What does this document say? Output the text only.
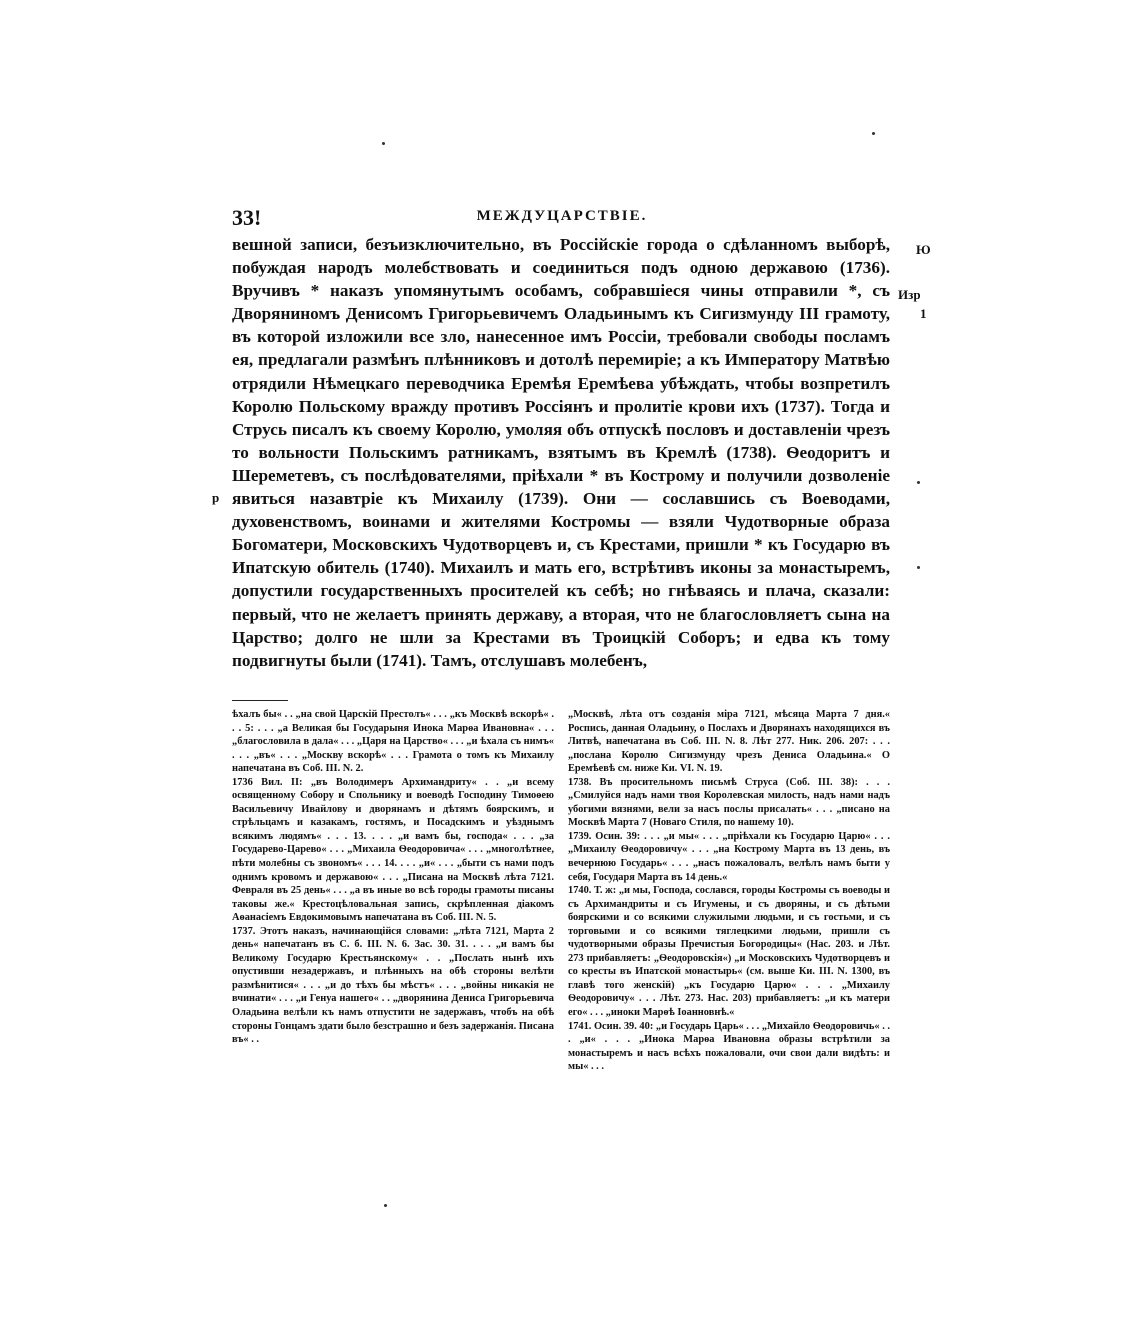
33!	МЕЖДУЦАРСТВІЕ.
вешной записи, безъизключительно, въ Россійскіе города о сдѣланномъ выборѣ, побуждая народъ молебствовать и соединиться подъ одною державою (1736). Вручивъ * наказъ упомянутымъ особамъ, собравшіеся чины отправили *, съ Дворяниномъ Денисомъ Григорьевичемъ Оладьинымъ къ Сигизмунду III грамоту, въ которой изложили все зло, нанесенное имъ Россіи, требовали свободы посламъ ея, предлагали размѣнъ плѣнниковъ и дотолѣ перемиріе; а къ Императору Матвѣю отрядили Нѣмецкаго переводчика Еремѣя Еремѣева убѣждать, чтобы возпретилъ Королю Польскому вражду противъ Россіянъ и пролитіе крови ихъ (1737). Тогда и Струсь писалъ къ своему Королю, умоляя объ отпускѣ пословъ и доставленіи чрезъ то вольности Польскимъ ратникамъ, взятымъ въ Кремлѣ (1738). Ѳеодоритъ и Шереметевъ, съ послѣдователями, пріѣхали * въ Кострому и получили дозволеніе явиться назавтріе къ Михаилу (1739). Они — сославшись съ Воеводами, духовенствомъ, воинами и жителями Костромы — взяли Чудотворные образа Богоматери, Московскихъ Чудотворцевъ и, съ Крестами, пришли * къ Государю въ Ипатскую обитель (1740). Михаилъ и мать его, встрѣтивъ иконы за монастыремъ, допустили государственныхъ просителей къ себѣ; но гнѣваясь и плача, сказали: первый, что не желаетъ принять державу, а вторая, что не благословляетъ сына на Царство; долго не шли за Крестами въ Троицкій Соборъ; и едва къ тому подвигнуты были (1741). Тамъ, отслушавъ молебенъ,
Ю
Изр
1
р

ѣхалъ бы« . . „на свой Царскій Престолъ« . . . „къ Москвѣ вскорѣ« . . . 5: . . . „а Великая бы Государыня Инока Марѳа Ивановна« . . . „благословила в дала« . . . „Царя на Царство« . . . „и ѣхала съ нимъ« . . . „въ« . . . „Москву вскорѣ« . . . Грамота о томъ къ Михаилу напечатана въ Соб. III. N. 2.

1736 Вил. II: „въ Володимеръ Архимандриту« . . „и всему освященному Собору и Спольнику и воеводѣ Господину Тимоѳею Васильевичу Ивайлову и дворянамъ и дѣтямъ боярскимъ, и стрѣльцамъ и казакамъ, гостямъ, и Посадскимъ и уѣзднымъ всякимъ людямъ« . . . 13. . . . „и вамъ бы, господа« . . . „за Государево-Царево« . . . „Михаила Ѳеодоровича« . . . „многолѣтнее, пѣти молебны съ звономъ« . . . 14. . . . „и« . . . „быти съ нами подъ однимъ кровомъ и державою« . . . „Писана на Москвѣ лѣта 7121. Февраля въ 25 день« . . . „а въ иные во всѣ городы грамоты писаны таковы же.« Крестоцѣловальная запись, скрѣпленная діакомъ Аѳанасіемъ Евдокимовымъ напечатана въ Соб. III. N. 5.

1737. Этотъ наказъ, начинающійся словами: „лѣта 7121, Марта 2 день« напечатанъ въ С. б. III. N. 6. Зас. 30. 31. . . . „и вамъ бы Великому Государю Крестьянскому« . . „Послать нынѣ ихъ опустивши незадержавъ, и плѣнныхъ на обѣ стороны велѣти размѣнитися« . . . „и до тѣхъ бы мѣстъ« . . . „войны никакія не вчинати« . . . „и Генуа нашего« . . „дворянина Дениса Григорьевича Оладьина велѣли къ намъ отпустити не задержавъ, чтобъ на обѣ стороны Гонцамъ здати было безстрашно и безъ задержанія. Писана въ« . .

„Москвѣ, лѣта отъ созданія міра 7121, мѣсяца Марта 7 дня.« Роспись, данная Оладьину, о Послахъ и Дворянахъ находящихся въ Литвѣ, напечатана въ Соб. III. N. 8. Лѣт 277. Ник. 206. 207: . . . „послана Королю Сигизмунду чрезъ Дениса Оладьина.« О Еремѣевѣ см. ниже Ки. VI. N. 19.

1738. Въ просительномъ письмѣ Струса (Соб. III. 38): . . . „Смилуйся надъ нами твоя Королевская милость, надъ нами надъ убогими вязнями, вели за насъ послы присалать« . . . „писано на Москвѣ Марта 7 (Новаго Стиля, по нашему 10).

1739. Осин. 39: . . . „и мы« . . . „пріѣхали къ Государю Царю« . . . „Михаилу Ѳеодоровичу« . . . „на Кострому Марта въ 13 день, въ вечернюю Государь« . . . „насъ пожаловалъ, велѣлъ намъ быти у себя, Государя Марта въ 14 день.«

1740. Т. ж: „и мы, Господа, сослався, городы Костромы съ воеводы и съ Архимандриты и съ Игумены, и съ дворяны, и съ дѣтьми боярскими и со всякими служилыми людьми, и съ гостьми, и съ торговыми и со всякими тяглецкими людьми, пришли съ чудотворными образы Пречистыя Богородицы« (Нас. 203. и Лѣт. 273 прибавляетъ: „Ѳеодоровскія«) „и Московскихъ Чудотворцевъ и со кресты въ Ипатской монастырь« (см. выше Ки. III. N. 1300, въ главѣ того женскій) „къ Государю Царю« . . . „Михаилу Ѳеодоровичу« . . . Лѣт. 273. Нас. 203) прибавляетъ: „и къ матери его« . . . „иноки Марѳѣ Іоанновнѣ.«

1741. Осин. 39. 40: „и Государь Царь« . . . „Михайло Ѳеодоровичь« . . . „и« . . . „Инока Марѳа Ивановна образы встрѣтили за монастыремъ и насъ всѣхъ пожаловали, очи свои дали видѣть: и мы« . . .
